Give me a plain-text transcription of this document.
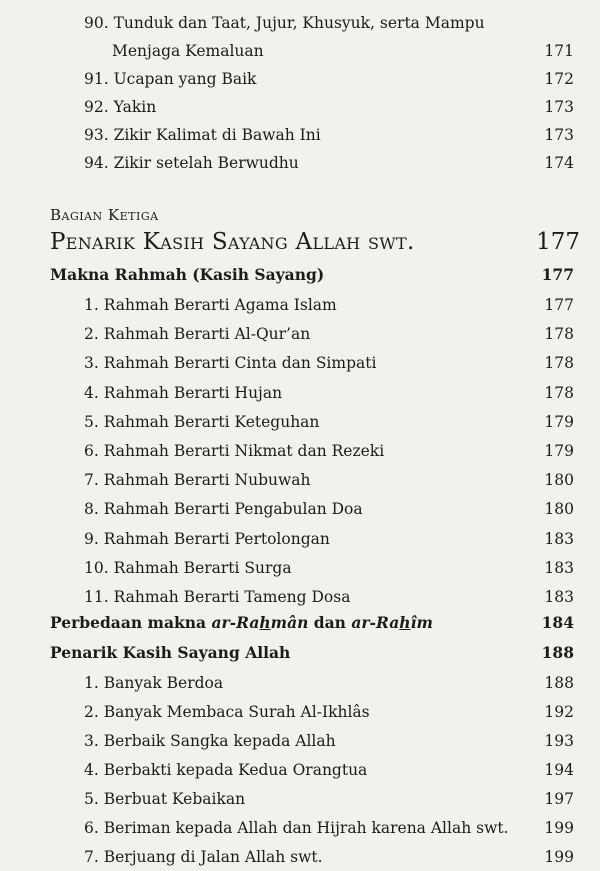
90. Tunduk dan Taat, Jujur, Khusyuk, serta Mampu
Menjaga Kemaluan	171
91. Ucapan yang Baik	172
92. Yakin	173
93. Zikir Kalimat di Bawah Ini	173
94. Zikir setelah Berwudhu	174
Bagian Ketiga
Penarik Kasih Sayang Allah swt.	177
Makna Rahmah (Kasih Sayang)	177
1. Rahmah Berarti Agama Islam	177
2. Rahmah Berarti Al-Qur’an	178
3. Rahmah Berarti Cinta dan Simpati	178
4. Rahmah Berarti Hujan	178
5. Rahmah Berarti Keteguhan	179
6. Rahmah Berarti Nikmat dan Rezeki	179
7. Rahmah Berarti Nubuwah	180
8. Rahmah Berarti Pengabulan Doa	180
9. Rahmah Berarti Pertolongan	183
10. Rahmah Berarti Surga	183
11. Rahmah Berarti Tameng Dosa	183
Perbedaan makna ar-Rahmân dan ar-Rahîm	184
Penarik Kasih Sayang Allah	188
1. Banyak Berdoa	188
2. Banyak Membaca Surah Al-Ikhlâs	192
3. Berbaik Sangka kepada Allah	193
4. Berbakti kepada Kedua Orangtua	194
5. Berbuat Kebaikan	197
6. Beriman kepada Allah dan Hijrah karena Allah swt. 199
7. Berjuang di Jalan Allah swt.	199
